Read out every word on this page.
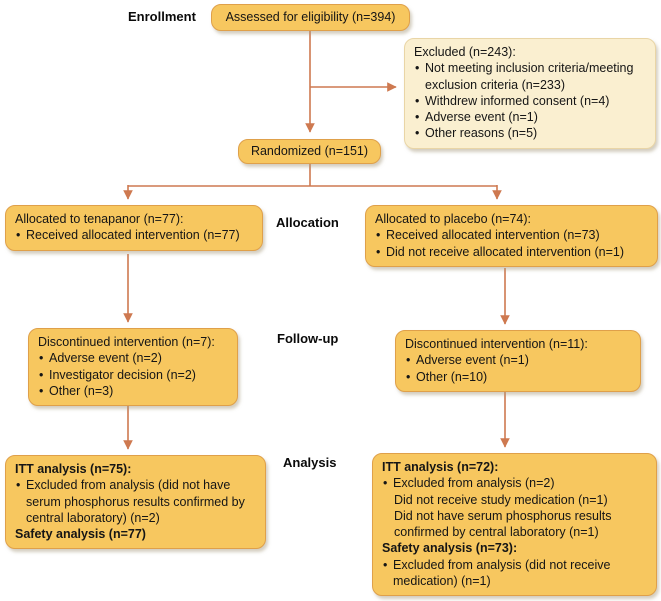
Enrollment
Allocation
Follow-up
Analysis
Assessed for eligibility (n=394)
Excluded (n=243):
• Not meeting inclusion criteria/meeting exclusion criteria (n=233)
• Withdrew informed consent (n=4)
• Adverse event (n=1)
• Other reasons (n=5)
Randomized (n=151)
Allocated to tenapanor (n=77):
• Received allocated intervention (n=77)
Allocated to placebo (n=74):
• Received allocated intervention (n=73)
• Did not receive allocated intervention (n=1)
Discontinued intervention (n=7):
• Adverse event (n=2)
• Investigator decision (n=2)
• Other (n=3)
Discontinued intervention (n=11):
• Adverse event (n=1)
• Other (n=10)
ITT analysis (n=75):
• Excluded from analysis (did not have serum phosphorus results confirmed by central laboratory) (n=2)
Safety analysis (n=77)
ITT analysis (n=72):
• Excluded from analysis (n=2)
Did not receive study medication (n=1)
Did not have serum phosphorus results confirmed by central laboratory (n=1)
Safety analysis (n=73):
• Excluded from analysis (did not receive medication) (n=1)
